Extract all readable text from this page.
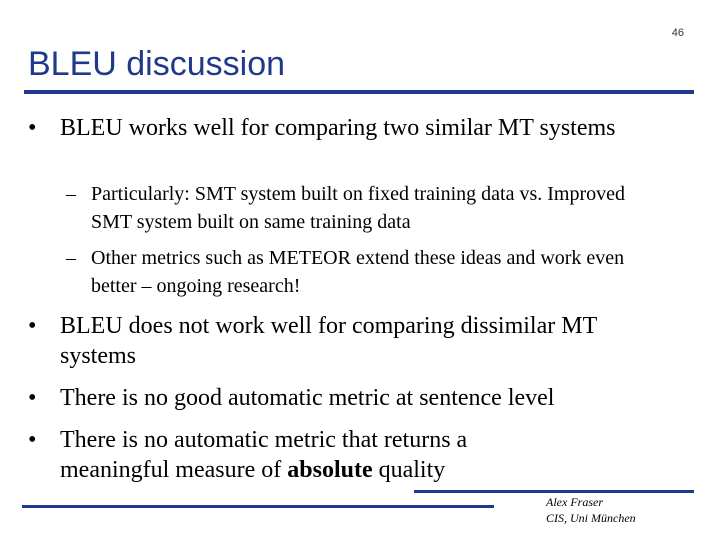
46
BLEU discussion
• BLEU works well for comparing two similar MT systems
– Particularly: SMT system built on fixed training data vs. Improved SMT system built on same training data
– Other metrics such as METEOR extend these ideas and work even better – ongoing research!
• BLEU does not work well for comparing dissimilar MT systems
• There is no good automatic metric at sentence level
• There is no automatic metric that returns a meaningful measure of absolute quality
Alex Fraser
CIS, Uni München
